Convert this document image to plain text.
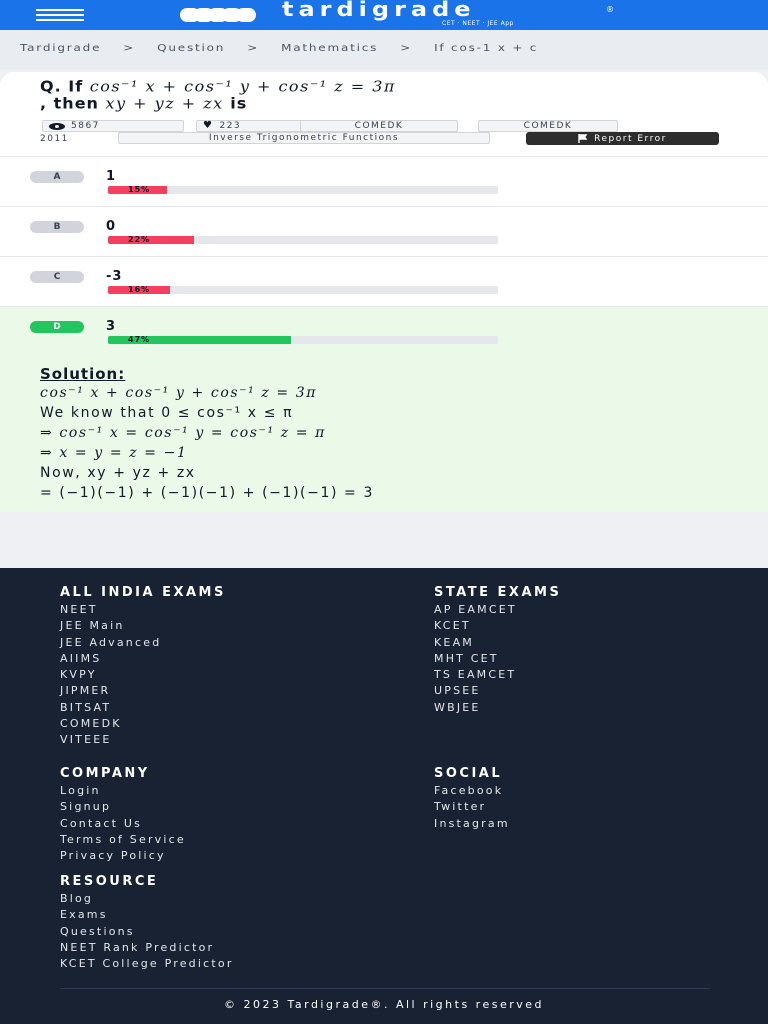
tardigrade	®
CET · NEET · JEE App
Tardigrade > Question > Mathematics > If cos-1 x + c
Q. If cos⁻¹ x + cos⁻¹ y + cos⁻¹ z = 3π
, then xy + yz + zx is
5867	♥ 223	COMEDK	COMEDK
2011	Inverse Trigonometric Functions	Report Error
A	1
15%
B	0
22%
C	-3
16%
D	3
47%
Solution:
cos⁻¹ x + cos⁻¹ y + cos⁻¹ z = 3π
We know that 0 ≤ cos⁻¹ x ≤ π
⇒ cos⁻¹ x = cos⁻¹ y = cos⁻¹ z = π
⇒ x = y = z = −1
Now, xy + yz + zx
= (−1)(−1) + (−1)(−1) + (−1)(−1) = 3
ALL INDIA EXAMS
NEET
JEE Main
JEE Advanced
AIIMS
KVPY
JIPMER
BITSAT
COMEDK
VITEEE
STATE EXAMS
AP EAMCET
KCET
KEAM
MHT CET
TS EAMCET
UPSEE
WBJEE
COMPANY
Login
Signup
Contact Us
Terms of Service
Privacy Policy
SOCIAL
Facebook
Twitter
Instagram
RESOURCE
Blog
Exams
Questions
NEET Rank Predictor
KCET College Predictor
© 2023 Tardigrade®. All rights reserved
